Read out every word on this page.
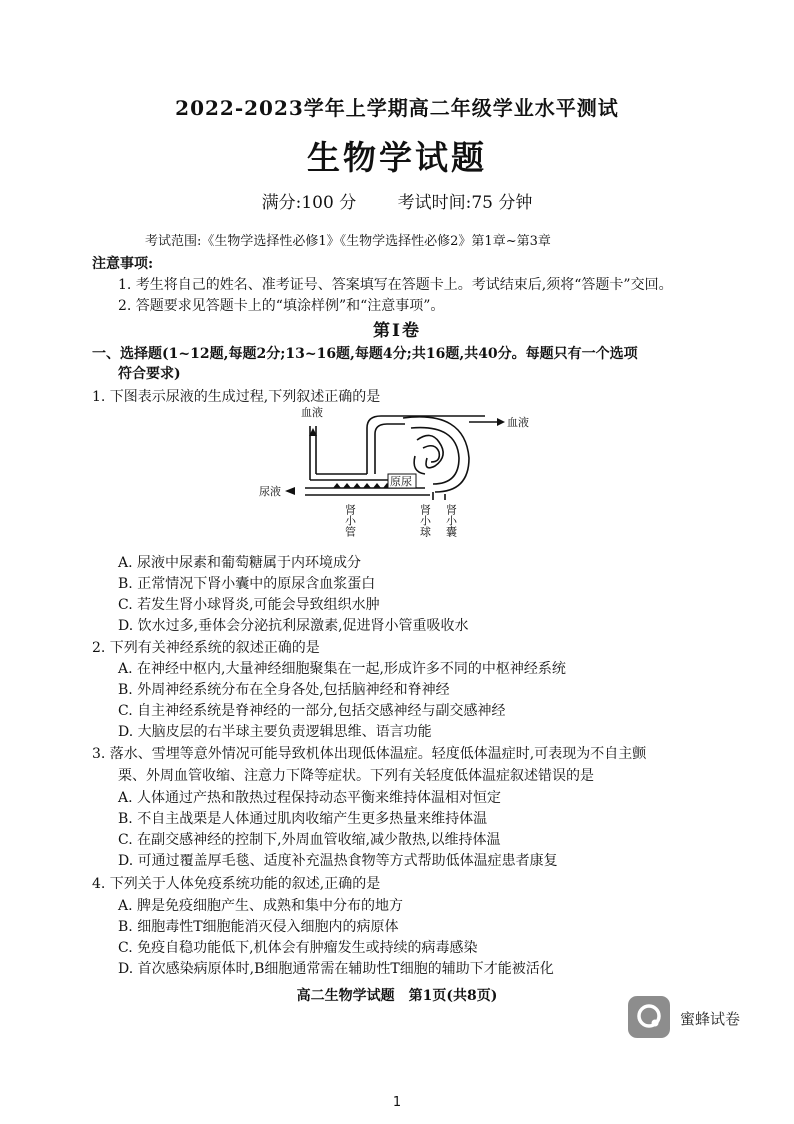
2022-2023学年上学期高二年级学业水平测试
生物学试题
满分:100 分 考试时间:75 分钟
考试范围:《生物学选择性必修1》《生物学选择性必修2》第1章~第3章
注意事项:
1. 考生将自己的姓名、准考证号、答案填写在答题卡上。考试结束后,须将“答题卡”交回。
2. 答题要求见答题卡上的“填涂样例”和“注意事项”。
第Ⅰ卷
一、选择题(1~12题,每题2分;13~16题,每题4分;共16题,共40分。每题只有一个选项
符合要求)
1. 下图表示尿液的生成过程,下列叙述正确的是
原尿
血液
血液
尿液
肾小管	肾小球 肾小囊
A. 尿液中尿素和葡萄糖属于内环境成分
B. 正常情况下肾小囊中的原尿含血浆蛋白
C. 若发生肾小球肾炎,可能会导致组织水肿
D. 饮水过多,垂体会分泌抗利尿激素,促进肾小管重吸收水
2. 下列有关神经系统的叙述正确的是
A. 在神经中枢内,大量神经细胞聚集在一起,形成许多不同的中枢神经系统
B. 外周神经系统分布在全身各处,包括脑神经和脊神经
C. 自主神经系统是脊神经的一部分,包括交感神经与副交感神经
D. 大脑皮层的右半球主要负责逻辑思维、语言功能
3. 落水、雪埋等意外情况可能导致机体出现低体温症。轻度低体温症时,可表现为不自主颤
栗、外周血管收缩、注意力下降等症状。下列有关轻度低体温症叙述错误的是
A. 人体通过产热和散热过程保持动态平衡来维持体温相对恒定
B. 不自主战栗是人体通过肌肉收缩产生更多热量来维持体温
C. 在副交感神经的控制下,外周血管收缩,减少散热,以维持体温
D. 可通过覆盖厚毛毯、适度补充温热食物等方式帮助低体温症患者康复
4. 下列关于人体免疫系统功能的叙述,正确的是
A. 脾是免疫细胞产生、成熟和集中分布的地方
B. 细胞毒性T细胞能消灭侵入细胞内的病原体
C. 免疫自稳功能低下,机体会有肿瘤发生或持续的病毒感染
D. 首次感染病原体时,B细胞通常需在辅助性T细胞的辅助下才能被活化
高二生物学试题　第1页(共8页)
蜜蜂试卷
1
